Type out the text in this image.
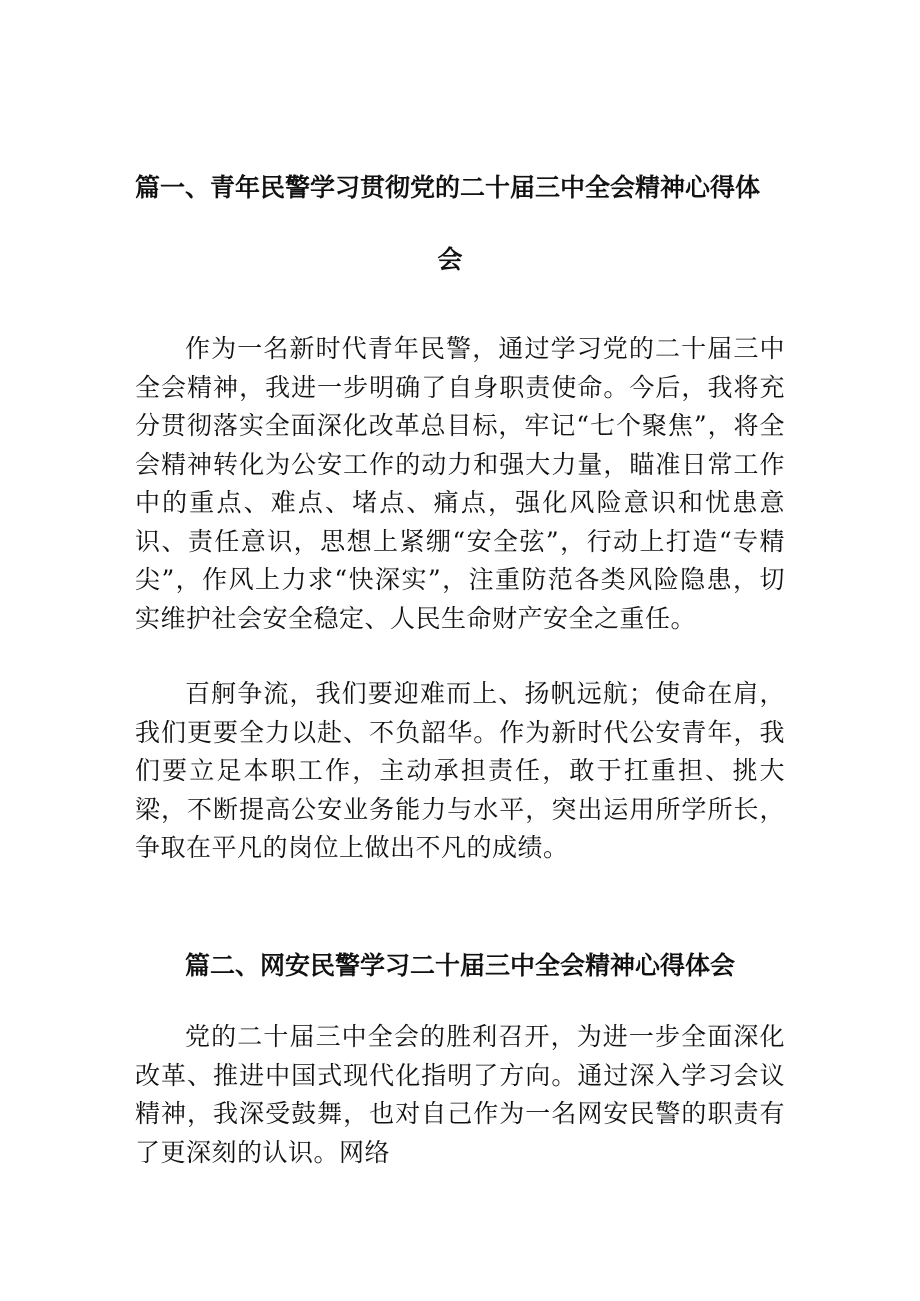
篇一、青年民警学习贯彻党的二十届三中全会精神心得体
会

作为一名新时代青年民警，通过学习党的二十届三中全会精神，我进一步明确了自身职责使命。今后，我将充分贯彻落实全面深化改革总目标，牢记“七个聚焦”，将全会精神转化为公安工作的动力和强大力量，瞄准日常工作中的重点、难点、堵点、痛点，强化风险意识和忧患意识、责任意识，思想上紧绷“安全弦”，行动上打造“专精尖”，作风上力求“快深实”，注重防范各类风险隐患，切实维护社会安全稳定、人民生命财产安全之重任。

百舸争流，我们要迎难而上、扬帆远航；使命在肩，我们更要全力以赴、不负韶华。作为新时代公安青年，我们要立足本职工作，主动承担责任，敢于扛重担、挑大梁，不断提高公安业务能力与水平，突出运用所学所长，争取在平凡的岗位上做出不凡的成绩。

篇二、网安民警学习二十届三中全会精神心得体会

党的二十届三中全会的胜利召开，为进一步全面深化改革、推进中国式现代化指明了方向。通过深入学习会议精神，我深受鼓舞，也对自己作为一名网安民警的职责有了更深刻的认识。网络
